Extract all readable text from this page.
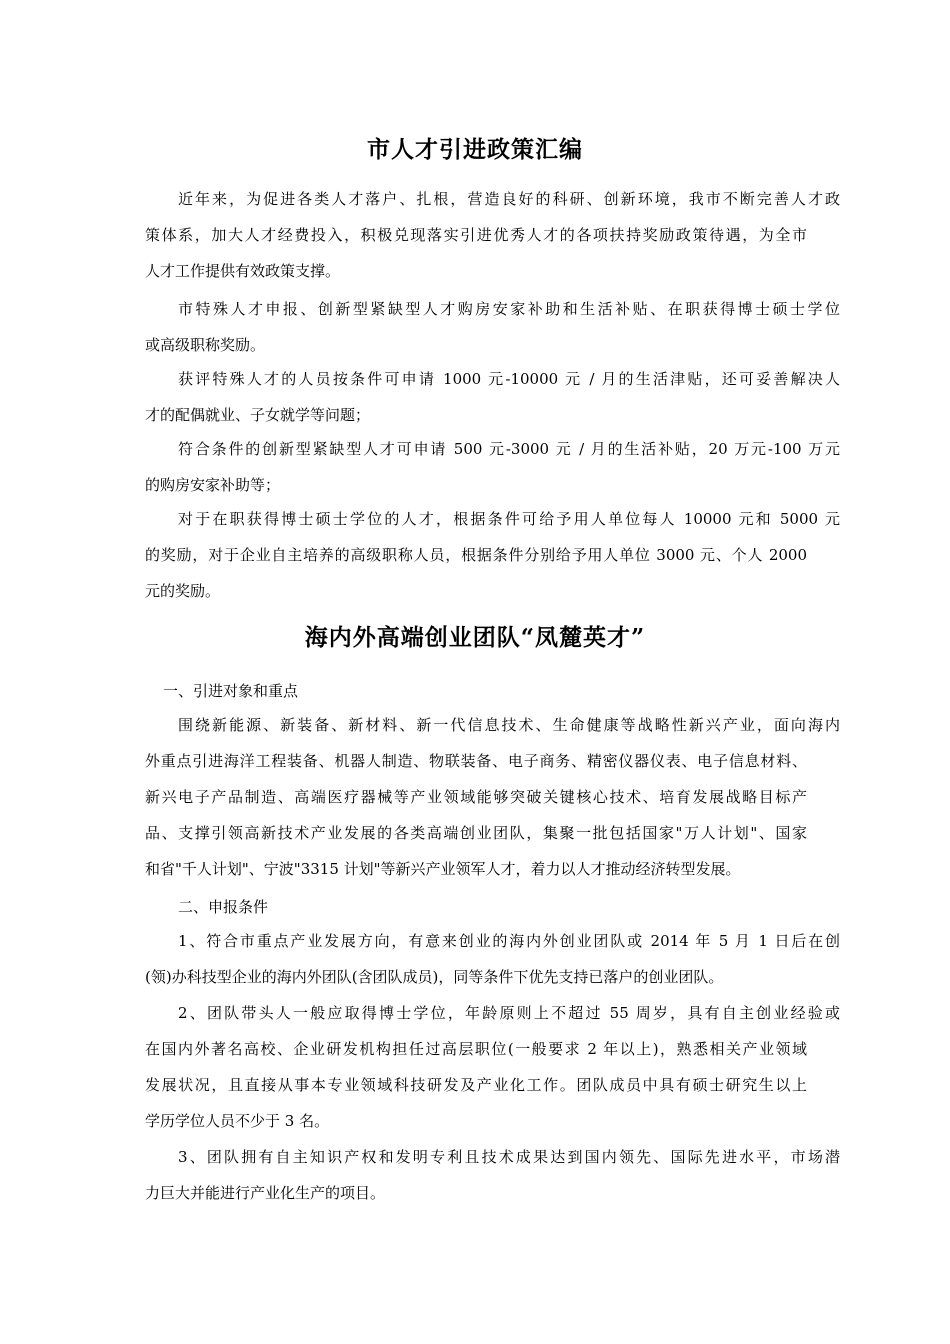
市人才引进政策汇编
近年来，为促进各类人才落户、扎根，营造良好的科研、创新环境，我市不断完善人才政
策体系，加大人才经费投入，积极兑现落实引进优秀人才的各项扶持奖励政策待遇，为全市
人才工作提供有效政策支撑。
市特殊人才申报、创新型紧缺型人才购房安家补助和生活补贴、在职获得博士硕士学位
或高级职称奖励。
获评特殊人才的人员按条件可申请 1000 元-10000 元 / 月的生活津贴，还可妥善解决人
才的配偶就业、子女就学等问题；
符合条件的创新型紧缺型人才可申请 500 元-3000 元 / 月的生活补贴，20 万元-100 万元
的购房安家补助等；
对于在职获得博士硕士学位的人才，根据条件可给予用人单位每人 10000 元和 5000 元
的奖励，对于企业自主培养的高级职称人员，根据条件分别给予用人单位 3000 元、个人 2000
元的奖励。
海内外高端创业团队“凤麓英才”
一、引进对象和重点
围绕新能源、新装备、新材料、新一代信息技术、生命健康等战略性新兴产业，面向海内
外重点引进海洋工程装备、机器人制造、物联装备、电子商务、精密仪器仪表、电子信息材料、
新兴电子产品制造、高端医疗器械等产业领域能够突破关键核心技术、培育发展战略目标产
品、支撑引领高新技术产业发展的各类高端创业团队，集聚一批包括国家"万人计划"、国家
和省"千人计划"、宁波"3315 计划"等新兴产业领军人才，着力以人才推动经济转型发展。
二、申报条件
1、符合市重点产业发展方向，有意来创业的海内外创业团队或 2014 年 5 月 1 日后在创
(领)办科技型企业的海内外团队(含团队成员)，同等条件下优先支持已落户的创业团队。
2、团队带头人一般应取得博士学位，年龄原则上不超过 55 周岁，具有自主创业经验或
在国内外著名高校、企业研发机构担任过高层职位(一般要求 2 年以上)，熟悉相关产业领域
发展状况，且直接从事本专业领域科技研发及产业化工作。团队成员中具有硕士研究生以上
学历学位人员不少于 3 名。
3、团队拥有自主知识产权和发明专利且技术成果达到国内领先、国际先进水平，市场潜
力巨大并能进行产业化生产的项目。
